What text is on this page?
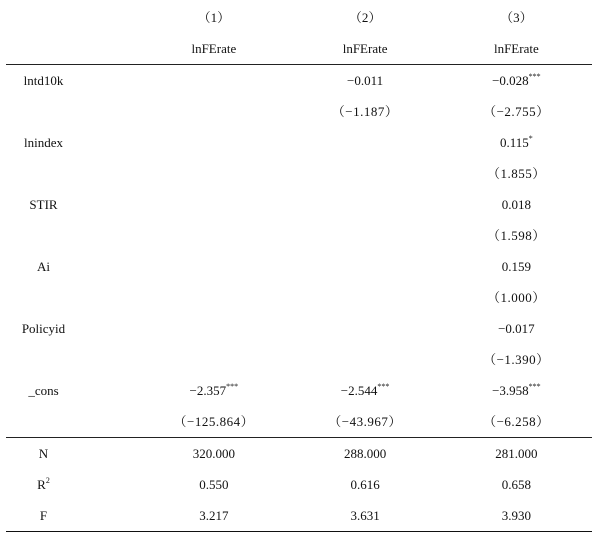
	（1）	（2）	（3）
	lnFErate	lnFErate	lnFErate
lntd10k		−0.011	−0.028***
		（−1.187）	（−2.755）
lnindex			0.115*
			（1.855）
STIR			0.018
			（1.598）
Ai			0.159
			（1.000）
Policyid			−0.017
			（−1.390）
_cons	−2.357***	−2.544***	−3.958***
	（−125.864）	（−43.967）	（−6.258）
N	320.000	288.000	281.000
$R^2$	0.550	0.616	0.658
F	3.217	3.631	3.930
